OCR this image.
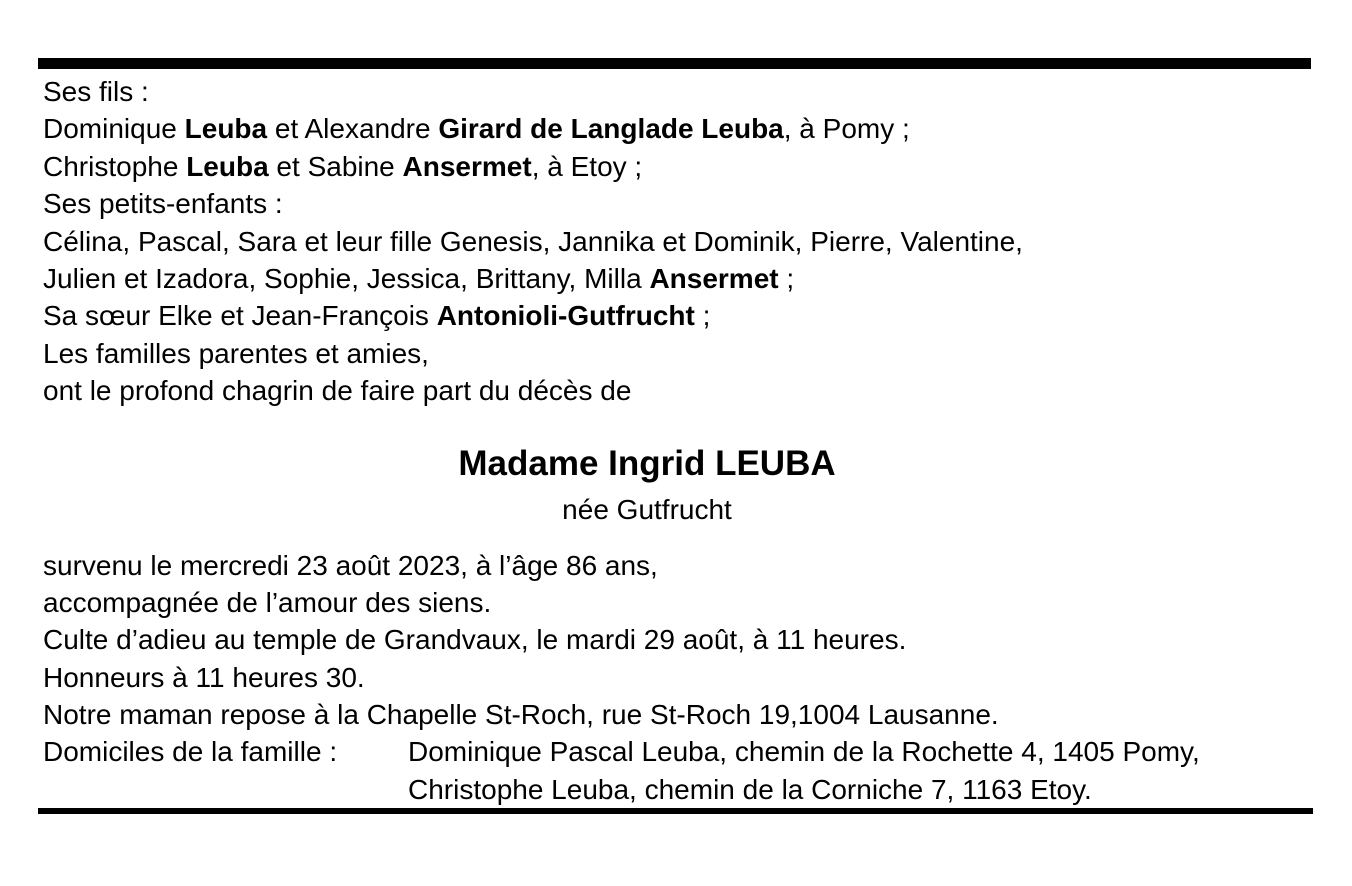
Ses fils :
Dominique Leuba et Alexandre Girard de Langlade Leuba, à Pomy ;
Christophe Leuba et Sabine Ansermet, à Etoy ;
Ses petits-enfants :
Célina, Pascal, Sara et leur fille Genesis, Jannika et Dominik, Pierre, Valentine,
Julien et Izadora, Sophie, Jessica, Brittany, Milla Ansermet ;
Sa sœur Elke et Jean-François Antonioli-Gutfrucht ;
Les familles parentes et amies,
ont le profond chagrin de faire part du décès de
Madame Ingrid LEUBA
née Gutfrucht
survenu le mercredi 23 août 2023, à l’âge 86 ans,
accompagnée de l’amour des siens.
Culte d’adieu au temple de Grandvaux, le mardi 29 août, à 11 heures.
Honneurs à 11 heures 30.
Notre maman repose à la Chapelle St-Roch, rue St-Roch 19,1004 Lausanne.
Domiciles de la famille :	Dominique Pascal Leuba, chemin de la Rochette 4, 1405 Pomy,
Christophe Leuba, chemin de la Corniche 7, 1163 Etoy.
